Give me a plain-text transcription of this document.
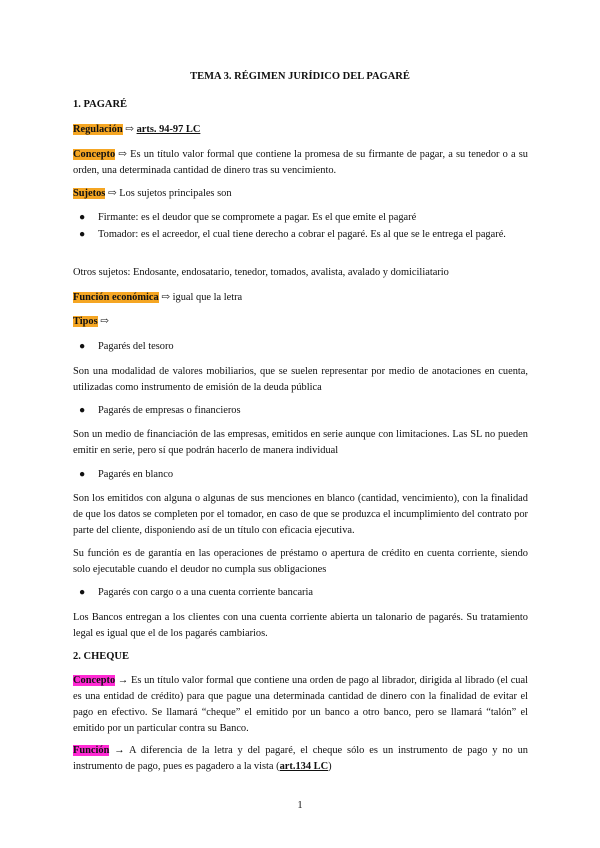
TEMA 3. RÉGIMEN JURÍDICO DEL PAGARÉ
1. PAGARÉ

Regulación ⇨ arts. 94-97 LC

Concepto ⇨ Es un título valor formal que contiene la promesa de su firmante de pagar, a su tenedor o a su orden, una determinada cantidad de dinero tras su vencimiento.

Sujetos ⇨ Los sujetos principales son

● Firmante: es el deudor que se compromete a pagar. Es el que emite el pagaré
● Tomador: es el acreedor, el cual tiene derecho a cobrar el pagaré. Es al que se le entrega el pagaré.

Otros sujetos: Endosante, endosatario, tenedor, tomados, avalista, avalado y domiciliatario

Función económica ⇨ igual que la letra

Tipos ⇨

● Pagarés del tesoro

Son una modalidad de valores mobiliarios, que se suelen representar por medio de anotaciones en cuenta, utilizadas como instrumento de emisión de la deuda pública

● Pagarés de empresas o financieros

Son un medio de financiación de las empresas, emitidos en serie aunque con limitaciones. Las SL no pueden emitir en serie, pero sí que podrán hacerlo de manera individual

● Pagarés en blanco

Son los emitidos con alguna o algunas de sus menciones en blanco (cantidad, vencimiento), con la finalidad de que los datos se completen por el tomador, en caso de que se produzca el incumplimiento del contrato por parte del cliente, disponiendo así de un título con eficacia ejecutiva.

Su función es de garantía en las operaciones de préstamo o apertura de crédito en cuenta corriente, siendo solo ejecutable cuando el deudor no cumpla sus obligaciones

● Pagarés con cargo o a una cuenta corriente bancaria

Los Bancos entregan a los clientes con una cuenta corriente abierta un talonario de pagarés. Su tratamiento legal es igual que el de los pagarés cambiarios.

2. CHEQUE

Concepto → Es un título valor formal que contiene una orden de pago al librador, dirigida al librado (el cual es una entidad de crédito) para que pague una determinada cantidad de dinero con la finalidad de evitar el pago en efectivo. Se llamará “cheque” el emitido por un banco a otro banco, pero se llamará “talón” el emitido por un particular contra su Banco.

Función → A diferencia de la letra y del pagaré, el cheque sólo es un instrumento de pago y no un instrumento de pago, pues es pagadero a la vista (art.134 LC)

1
